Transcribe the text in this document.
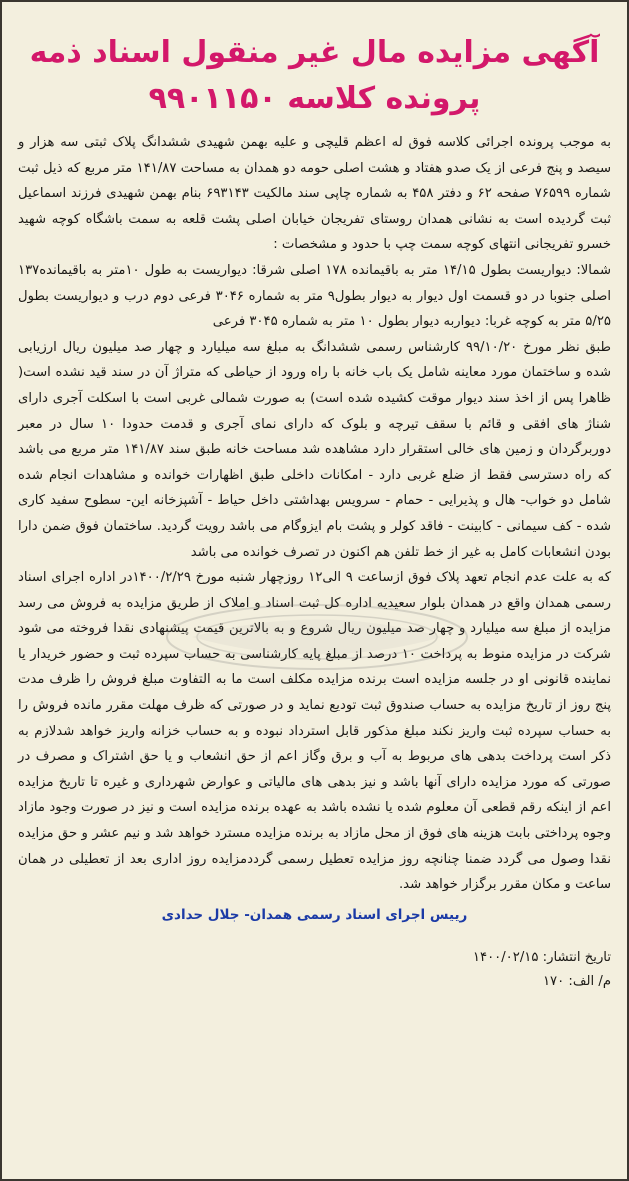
آگهی مزایده مال غیر منقول اسناد ذمه
پرونده کلاسه ۹۹۰۱۱۵۰

به موجب پرونده اجرائی کلاسه فوق له اعظم قلیچی و علیه بهمن شهیدی ششدانگ پلاک ثبتی سه هزار و سیصد و پنج فرعی از یک صدو هفتاد و هشت اصلی حومه دو همدان به مساحت ۱۴۱/۸۷ متر مربع که ذیل ثبت شماره ۷۶۵۹۹ صفحه ۶۲ و دفتر ۴۵۸ به شماره چاپی سند مالکیت ۶۹۳۱۴۳ بنام بهمن شهیدی فرزند اسماعیل ثبت گردیده است به نشانی همدان روستای تفریجان خیابان اصلی پشت قلعه به سمت باشگاه کوچه شهید خسرو تفریجانی انتهای کوچه سمت چپ با حدود و مشخصات :

شمالا: دیواریست بطول ۱۴/۱۵ متر به باقیمانده ۱۷۸ اصلی شرقا: دیواریست به طول ۱۰متر به باقیمانده۱۳۷ اصلی جنوبا در دو قسمت اول دیوار به دیوار بطول۹ متر به شماره ۳۰۴۶ فرعی دوم درب و دیواریست بطول ۵/۲۵ متر به کوچه غربا: دیواربه دیوار بطول ۱۰ متر به شماره ۳۰۴۵ فرعی

طبق نظر مورخ ۹۹/۱۰/۲۰ کارشناس رسمی ششدانگ به مبلغ سه میلیارد و چهار صد میلیون ریال ارزیابی شده و ساختمان مورد معاینه شامل یک باب خانه با راه ورود از حیاطی که متراژ آن در سند قید نشده است( ظاهرا پس از اخذ سند دیوار موقت کشیده شده است) به صورت شمالی غربی است با اسکلت آجری دارای شناژ های افقی و قائم با سقف تیرچه و بلوک که دارای نمای آجری و قدمت حدودا ۱۰ سال در معبر دوربرگردان و زمین های خالی استقرار دارد مشاهده شد مساحت خانه طبق سند ۱۴۱/۸۷ متر مربع می باشد که راه دسترسی فقط از ضلع غربی دارد - امکانات داخلی طبق اظهارات خوانده و مشاهدات انجام شده شامل دو خواب- هال و پذیرایی - حمام - سرویس بهداشتی داخل حیاط - آشپزخانه این- سطوح سفید کاری شده - کف سیمانی - کابینت - فاقد کولر و پشت بام ایزوگام می باشد رویت گردید. ساختمان فوق ضمن دارا بودن انشعابات کامل به غیر از خط تلفن هم اکنون در تصرف خوانده می باشد

که به علت عدم انجام تعهد پلاک فوق ازساعت ۹ الی۱۲ روزچهار شنبه مورخ ۱۴۰۰/۲/۲۹در اداره اجرای اسناد رسمی همدان واقع در همدان بلوار سعیدیه اداره کل ثبت اسناد و املاک از طریق مزایده به فروش می رسد مزایده از مبلغ سه میلیارد و چهار صد میلیون ریال شروع و به بالاترین قیمت پیشنهادی نقدا فروخته می شود شرکت در مزایده منوط به پرداخت ۱۰ درصد از مبلغ پایه کارشناسی به حساب سپرده ثبت و حضور خریدار یا نماینده قانونی او در جلسه مزایده است برنده مزایده مکلف است ما به التفاوت مبلغ فروش را ظرف مدت پنج روز از تاریخ مزایده به حساب صندوق ثبت تودیع نماید و در صورتی که ظرف مهلت مقرر مانده فروش را به حساب سپرده ثبت واریز نکند مبلغ مذکور قابل استرداد نبوده و به حساب خزانه واریز خواهد شدلازم به ذکر است پرداخت بدهی های مربوط به آب و برق وگاز اعم از حق انشعاب و یا حق اشتراک و مصرف در صورتی که مورد مزایده دارای آنها باشد و نیز بدهی های مالیاتی و عوارض شهرداری و غیره تا تاریخ مزایده اعم از اینکه رقم قطعی آن معلوم شده یا نشده باشد به عهده برنده مزایده است و نیز در صورت وجود مازاد وجوه پرداختی بابت هزینه های فوق از محل مازاد به برنده مزایده مسترد خواهد شد و نیم عشر و حق مزایده نقدا وصول می گردد ضمنا چنانچه روز مزایده تعطیل رسمی گرددمزایده روز اداری بعد از تعطیلی در همان ساعت و مکان مقرر برگزار خواهد شد.

رییس اجرای اسناد رسمی همدان- جلال حدادی
تاریخ انتشار: ۱۴۰۰/۰۲/۱۵
م/ الف: ۱۷۰
